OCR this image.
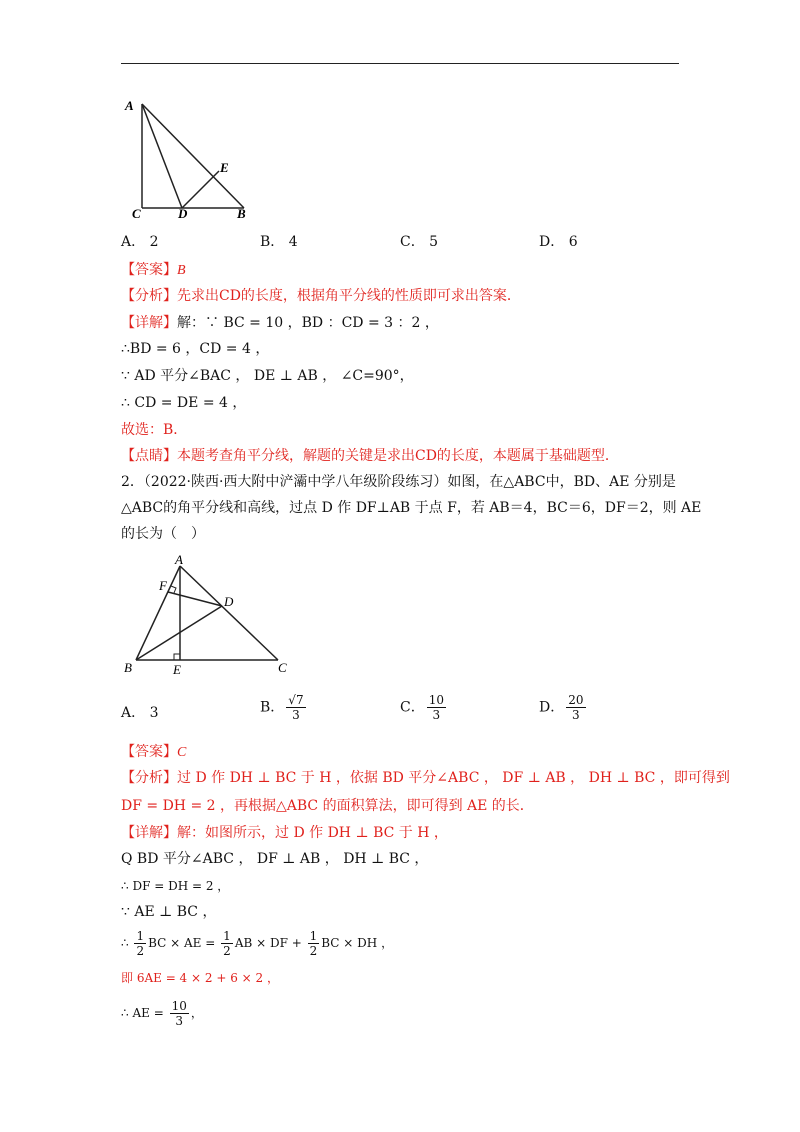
A
C	D	B
E
A． 2	B． 4	C． 5	D． 6
【答案】B
【分析】先求出CD的长度，根据角平分线的性质即可求出答案．
【详解】解：∵ BC = 10 ，BD ：CD = 3 ：2 ，
∴BD = 6 ，CD = 4 ，
∵ AD 平分∠BAC ， DE ⊥ AB ， ∠C=90°，
∴ CD = DE = 4 ，
故选：B．
【点睛】本题考查角平分线，解题的关键是求出CD的长度，本题属于基础题型．
2．（2022·陕西·西大附中浐灞中学八年级阶段练习）如图，在△ABC中，BD、AE 分别是
△ABC的角平分线和高线，过点 D 作 DF⊥AB 于点 F，若 AB＝4，BC＝6，DF＝2，则 AE
的长为（　）
A
F
D
B	E	C
A． 3	B． $\frac{√7}{3}$	C． $\frac{10}{3}$	D． $\frac{20}{3}$
【答案】C
【分析】过 D 作 DH ⊥ BC 于 H ，依据 BD 平分∠ABC ， DF ⊥ AB ， DH ⊥ BC ，即可得到
DF = DH = 2 ，再根据△ABC 的面积算法，即可得到 AE 的长．
【详解】解：如图所示，过 D 作 DH ⊥ BC 于 H ，
Q BD 平分∠ABC ， DF ⊥ AB ， DH ⊥ BC ，
∴ DF = DH = 2 ，
∵ AE ⊥ BC ，
∴ $\frac{1}{2}$ BC × AE = $\frac{1}{2}$ AB × DF + $\frac{1}{2}$ BC × DH ，
即 6AE = 4 × 2 + 6 × 2 ，
∴ AE = $\frac{10}{3}$ ，
